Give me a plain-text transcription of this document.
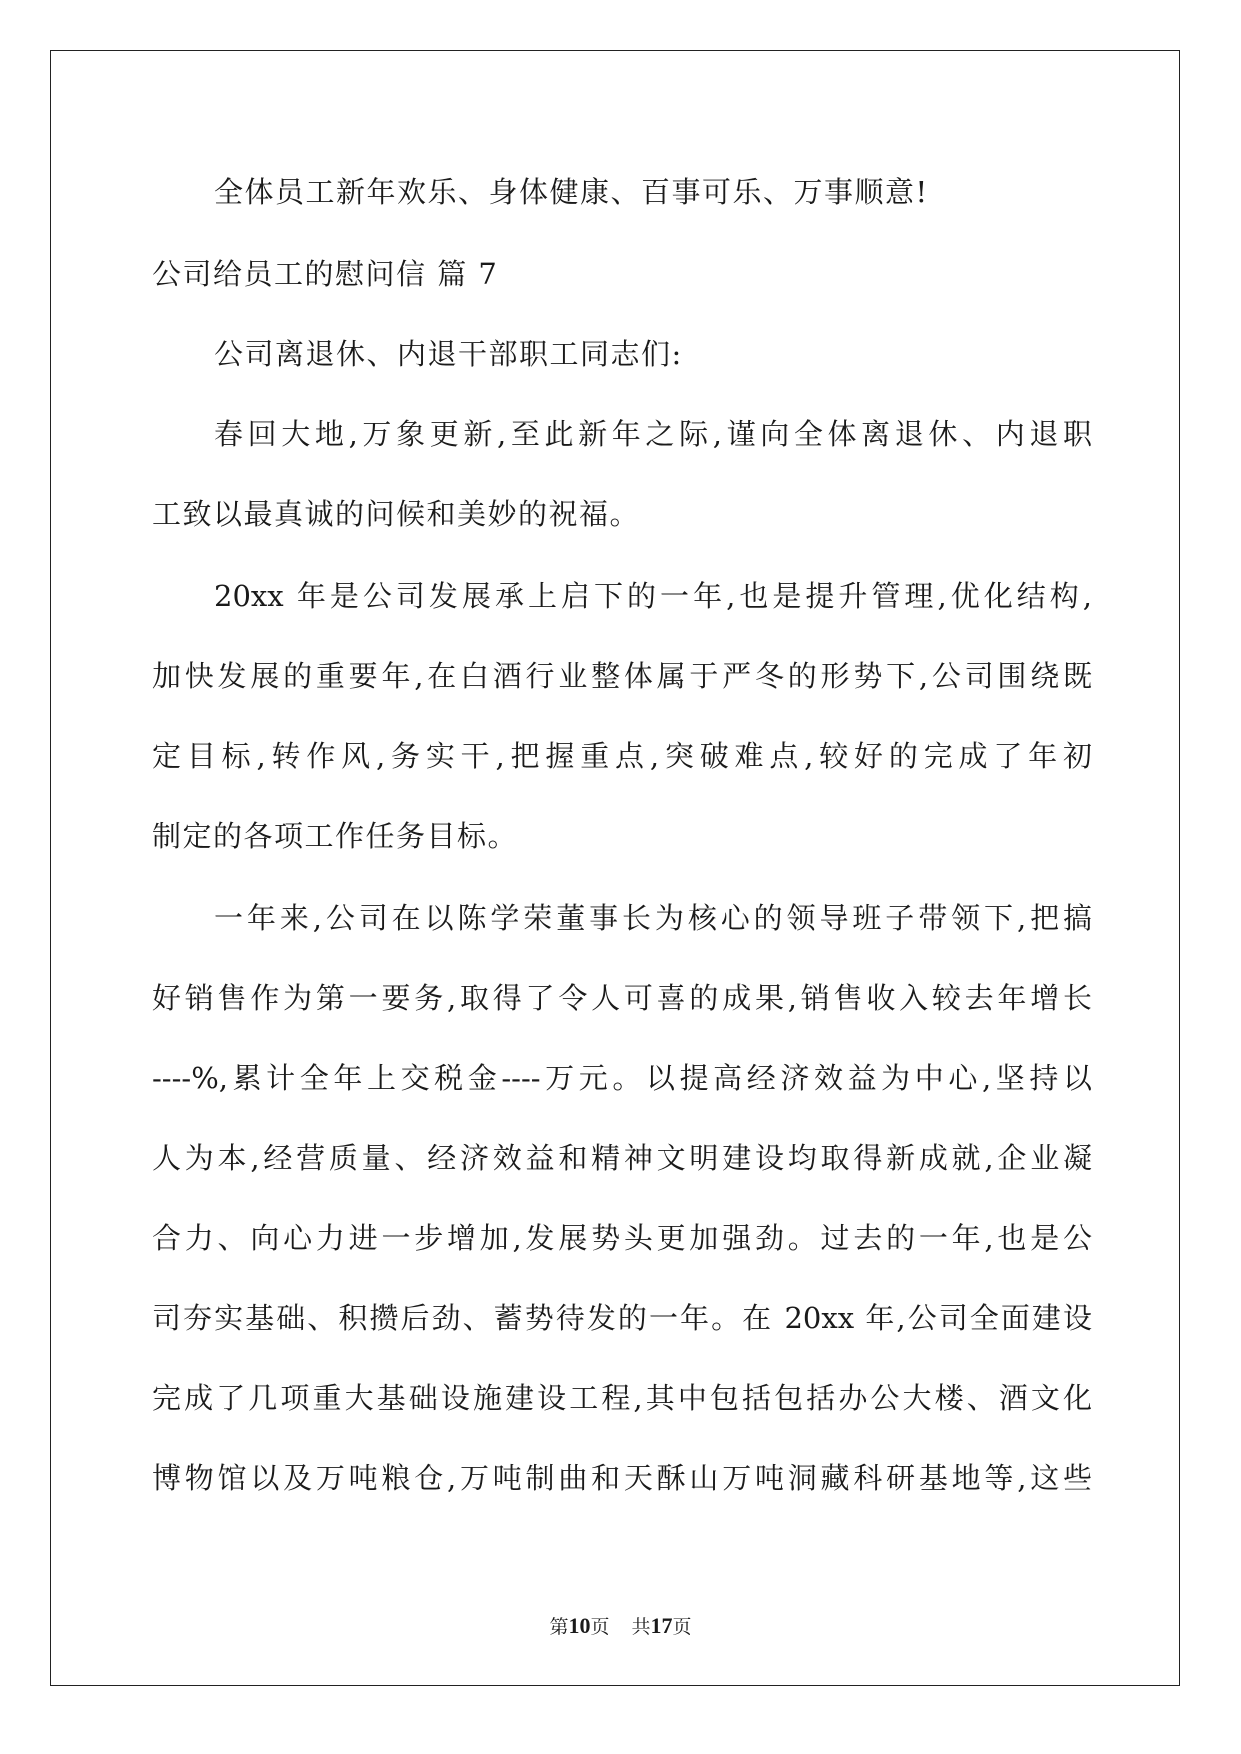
全体员工新年欢乐、身体健康、百事可乐、万事顺意!
公司给员工的慰问信 篇 7
公司离退休、内退干部职工同志们:
春回大地,万象更新,至此新年之际,谨向全体离退休、内退职
工致以最真诚的问候和美妙的祝福。
20xx 年是公司发展承上启下的一年,也是提升管理,优化结构,
加快发展的重要年,在白酒行业整体属于严冬的形势下,公司围绕既
定目标,转作风,务实干,把握重点,突破难点,较好的完成了年初
制定的各项工作任务目标。
一年来,公司在以陈学荣董事长为核心的领导班子带领下,把搞
好销售作为第一要务,取得了令人可喜的成果,销售收入较去年增长
----%,累计全年上交税金----万元。以提高经济效益为中心,坚持以
人为本,经营质量、经济效益和精神文明建设均取得新成就,企业凝
合力、向心力进一步增加,发展势头更加强劲。过去的一年,也是公
司夯实基础、积攒后劲、蓄势待发的一年。在 20xx 年,公司全面建设
完成了几项重大基础设施建设工程,其中包括包括办公大楼、酒文化
博物馆以及万吨粮仓,万吨制曲和天酥山万吨洞藏科研基地等,这些
第10页 共17页
